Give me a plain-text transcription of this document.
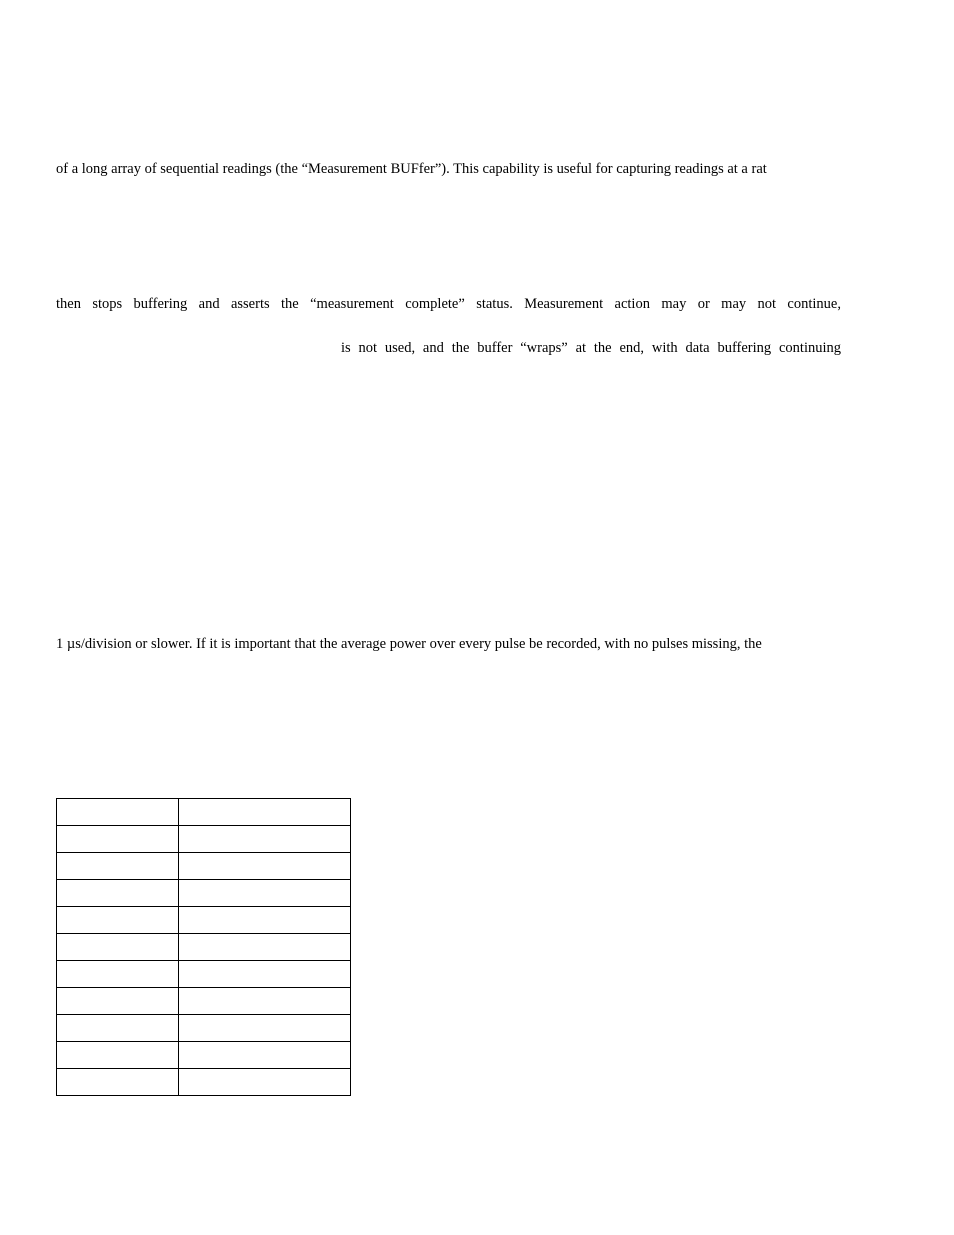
of a long array of sequential readings (the “Measurement BUFfer”). This capability is useful for capturing readings at a rat
then stops buffering and asserts the “measurement complete” status. Measurement action may or may not continue,
is not used, and the buffer “wraps” at the end, with data buffering continuing
1 µs/division or slower. If it is important that the average power over every pulse be recorded, with no pulses missing, the
